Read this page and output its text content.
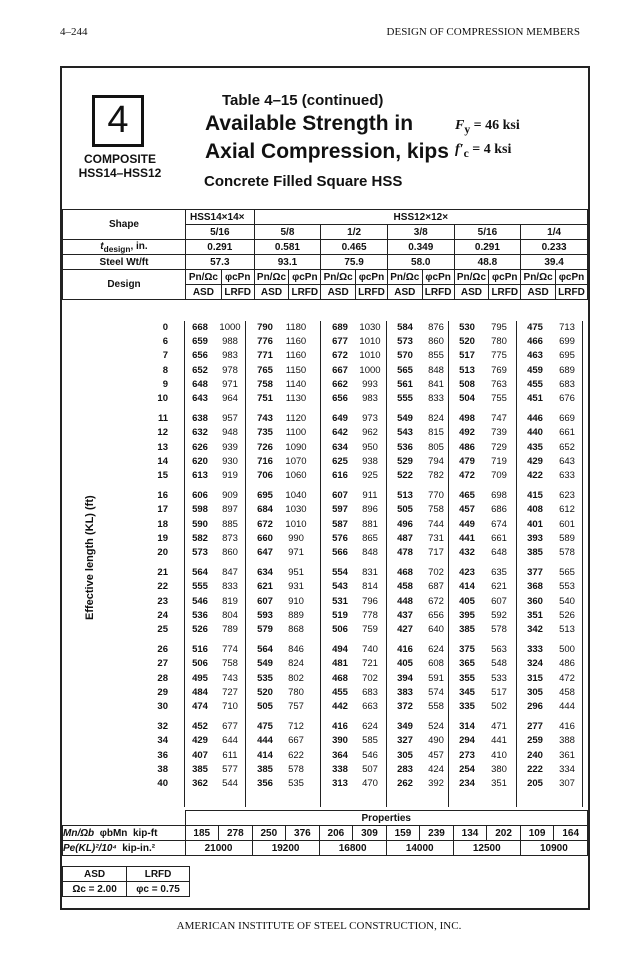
4–244	DESIGN OF COMPRESSION MEMBERS
4
COMPOSITE
HSS14–HSS12
Table 4–15 (continued)
Available Strength in
Axial Compression, kips
Concrete Filled Square HSS
$F_y = 46$ ksi
$f'_c = 4$ ksi
Shape	HSS14×14×		HSS12×12×									
	5/16		5/8		1/2		3/8		5/16		1/4	
$t_{design}$, in.	0.291		0.581		0.465		0.349		0.291		0.233	
Steel Wt/ft	57.3		93.1		75.9		58.0		48.8		39.4	
Design	Pn/Ωc	φcPn	Pn/Ωc	φcPn	Pn/Ωc	φcPn	Pn/Ωc	φcPn	Pn/Ωc	φcPn	Pn/Ωc	φcPn
	ASD	LRFD	ASD	LRFD	ASD	LRFD	ASD	LRFD	ASD	LRFD	ASD	LRFD
Effective length (KL) (ft)
0	668	1000	790	1180	689	1030	584	876	530	795	475	713
6	659	988	776	1160	677	1010	573	860	520	780	466	699
7	656	983	771	1160	672	1010	570	855	517	775	463	695
8	652	978	765	1150	667	1000	565	848	513	769	459	689
9	648	971	758	1140	662	993	561	841	508	763	455	683
10	643	964	751	1130	656	983	555	833	504	755	451	676
11	638	957	743	1120	649	973	549	824	498	747	446	669
12	632	948	735	1100	642	962	543	815	492	739	440	661
13	626	939	726	1090	634	950	536	805	486	729	435	652
14	620	930	716	1070	625	938	529	794	479	719	429	643
15	613	919	706	1060	616	925	522	782	472	709	422	633
16	606	909	695	1040	607	911	513	770	465	698	415	623
17	598	897	684	1030	597	896	505	758	457	686	408	612
18	590	885	672	1010	587	881	496	744	449	674	401	601
19	582	873	660	990	576	865	487	731	441	661	393	589
20	573	860	647	971	566	848	478	717	432	648	385	578
21	564	847	634	951	554	831	468	702	423	635	377	565
22	555	833	621	931	543	814	458	687	414	621	368	553
23	546	819	607	910	531	796	448	672	405	607	360	540
24	536	804	593	889	519	778	437	656	395	592	351	526
25	526	789	579	868	506	759	427	640	385	578	342	513
26	516	774	564	846	494	740	416	624	375	563	333	500
27	506	758	549	824	481	721	405	608	365	548	324	486
28	495	743	535	802	468	702	394	591	355	533	315	472
29	484	727	520	780	455	683	383	574	345	517	305	458
30	474	710	505	757	442	663	372	558	335	502	296	444
32	452	677	475	712	416	624	349	524	314	471	277	416
34	429	644	444	667	390	585	327	490	294	441	259	388
36	407	611	414	622	364	546	305	457	273	410	240	361
38	385	577	385	578	338	507	283	424	254	380	222	334
40	362	544	356	535	313	470	262	392	234	351	205	307
	Properties											
Mn/Ωb φbMn kip-ft	185	278	250	376	206	309	159	239	134	202	109	164
Pe(KL)²/10⁴ kip-in.²	21000		19200		16800		14000		12500		10900	
ASD	LRFD
Ωc = 2.00	φc = 0.75
AMERICAN INSTITUTE OF STEEL CONSTRUCTION, INC.
